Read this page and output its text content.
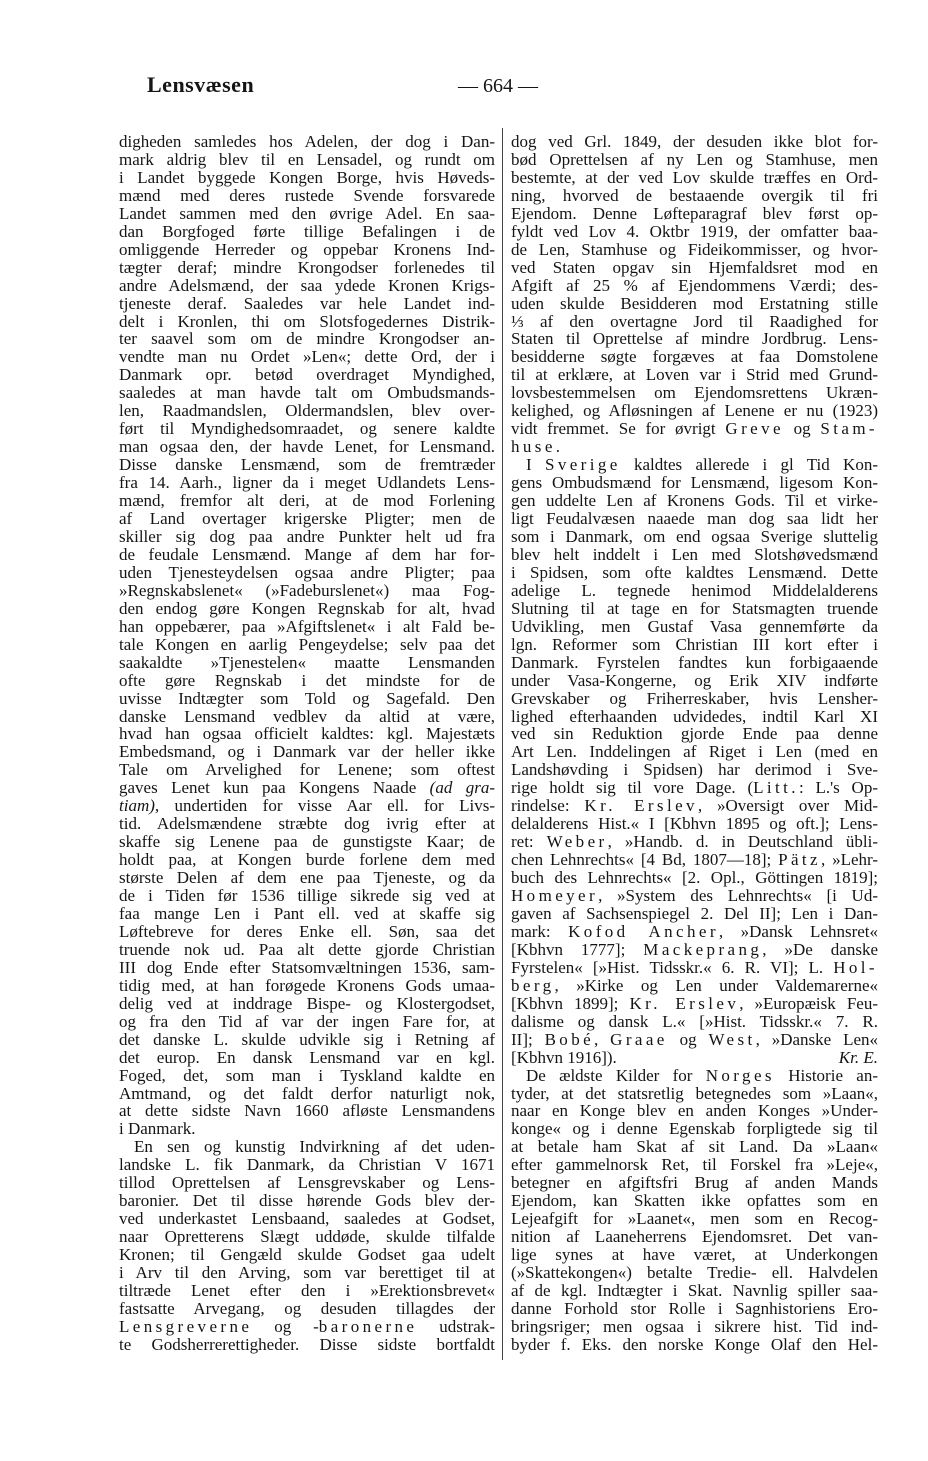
Lensvæsen	— 664 —
digheden samledes hos Adelen, der dog i Dan-
mark aldrig blev til en Lensadel, og rundt om
i Landet byggede Kongen Borge, hvis Høveds-
mænd med deres rustede Svende forsvarede
Landet sammen med den øvrige Adel. En saa-
dan Borgfoged førte tillige Befalingen i de
omliggende Herreder og oppebar Kronens Ind-
tægter deraf; mindre Krongodser forlenedes til
andre Adelsmænd, der saa ydede Kronen Krigs-
tjeneste deraf. Saaledes var hele Landet ind-
delt i Kronlen, thi om Slotsfogedernes Distrik-
ter saavel som om de mindre Krongodser an-
vendte man nu Ordet »Len«; dette Ord, der i
Danmark opr. betød overdraget Myndighed,
saaledes at man havde talt om Ombudsmands-
len, Raadmandslen, Oldermandslen, blev over-
ført til Myndighedsomraadet, og senere kaldte
man ogsaa den, der havde Lenet, for Lensmand.
Disse danske Lensmænd, som de fremtræder
fra 14. Aarh., ligner da i meget Udlandets Lens-
mænd, fremfor alt deri, at de mod Forlening
af Land overtager krigerske Pligter; men de
skiller sig dog paa andre Punkter helt ud fra
de feudale Lensmænd. Mange af dem har for-
uden Tjenesteydelsen ogsaa andre Pligter; paa
»Regnskabslenet« (»Fadeburslenet«) maa Fog-
den endog gøre Kongen Regnskab for alt, hvad
han oppebærer, paa »Afgiftslenet« i alt Fald be-
tale Kongen en aarlig Pengeydelse; selv paa det
saakaldte »Tjenestelen« maatte Lensmanden
ofte gøre Regnskab i det mindste for de
uvisse Indtægter som Told og Sagefald. Den
danske Lensmand vedblev da altid at være,
hvad han ogsaa officielt kaldtes: kgl. Majestæts
Embedsmand, og i Danmark var der heller ikke
Tale om Arvelighed for Lenene; som oftest
gaves Lenet kun paa Kongens Naade (ad gra-
tiam), undertiden for visse Aar ell. for Livs-
tid. Adelsmændene stræbte dog ivrig efter at
skaffe sig Lenene paa de gunstigste Kaar; de
holdt paa, at Kongen burde forlene dem med
største Delen af dem ene paa Tjeneste, og da
de i Tiden før 1536 tillige sikrede sig ved at
faa mange Len i Pant ell. ved at skaffe sig
Løftebreve for deres Enke ell. Søn, saa det
truende nok ud. Paa alt dette gjorde Christian
III dog Ende efter Statsomvæltningen 1536, sam-
tidig med, at han forøgede Kronens Gods umaa-
delig ved at inddrage Bispe- og Klostergodset,
og fra den Tid af var der ingen Fare for, at
det danske L. skulde udvikle sig i Retning af
det europ. En dansk Lensmand var en kgl.
Foged, det, som man i Tyskland kaldte en
Amtmand, og det faldt derfor naturligt nok,
at dette sidste Navn 1660 afløste Lensmandens
i Danmark.
En sen og kunstig Indvirkning af det uden-
landske L. fik Danmark, da Christian V 1671
tillod Oprettelsen af Lensgrevskaber og Lens-
baronier. Det til disse hørende Gods blev der-
ved underkastet Lensbaand, saaledes at Godset,
naar Opretterens Slægt uddøde, skulde tilfalde
Kronen; til Gengæld skulde Godset gaa udelt
i Arv til den Arving, som var berettiget til at
tiltræde Lenet efter den i »Erektionsbrevet«
fastsatte Arvegang, og desuden tillagdes der
Lensgreverne og -baronerne udstrak-
te Godsherrerettigheder. Disse sidste bortfaldt
dog ved Grl. 1849, der desuden ikke blot for-
bød Oprettelsen af ny Len og Stamhuse, men
bestemte, at der ved Lov skulde træffes en Ord-
ning, hvorved de bestaaende overgik til fri
Ejendom. Denne Løfteparagraf blev først op-
fyldt ved Lov 4. Oktbr 1919, der omfatter baa-
de Len, Stamhuse og Fideikommisser, og hvor-
ved Staten opgav sin Hjemfaldsret mod en
Afgift af 25 % af Ejendommens Værdi; des-
uden skulde Besidderen mod Erstatning stille
⅓ af den overtagne Jord til Raadighed for
Staten til Oprettelse af mindre Jordbrug. Lens-
besidderne søgte forgæves at faa Domstolene
til at erklære, at Loven var i Strid med Grund-
lovsbestemmelsen om Ejendomsrettens Ukræn-
kelighed, og Afløsningen af Lenene er nu (1923)
vidt fremmet. Se for øvrigt Greve og Stam-
huse.
I Sverige kaldtes allerede i gl Tid Kon-
gens Ombudsmænd for Lensmænd, ligesom Kon-
gen uddelte Len af Kronens Gods. Til et virke-
ligt Feudalvæsen naaede man dog saa lidt her
som i Danmark, om end ogsaa Sverige sluttelig
blev helt inddelt i Len med Slotshøvedsmænd
i Spidsen, som ofte kaldtes Lensmænd. Dette
adelige L. tegnede henimod Middelalderens
Slutning til at tage en for Statsmagten truende
Udvikling, men Gustaf Vasa gennemførte da
lgn. Reformer som Christian III kort efter i
Danmark. Fyrstelen fandtes kun forbigaaende
under Vasa-Kongerne, og Erik XIV indførte
Grevskaber og Friherreskaber, hvis Lensher-
lighed efterhaanden udvidedes, indtil Karl XI
ved sin Reduktion gjorde Ende paa denne
Art Len. Inddelingen af Riget i Len (med en
Landshøvding i Spidsen) har derimod i Sve-
rige holdt sig til vore Dage. (Litt.: L.'s Op-
rindelse: Kr. Erslev, »Oversigt over Mid-
delalderens Hist.« I [Kbhvn 1895 og oft.]; Lens-
ret: Weber, »Handb. d. in Deutschland übli-
chen Lehnrechts« [4 Bd, 1807—18]; Pätz, »Lehr-
buch des Lehnrechts« [2. Opl., Göttingen 1819];
Homeyer, »System des Lehnrechts« [i Ud-
gaven af Sachsenspiegel 2. Del II]; Len i Dan-
mark: Kofod Ancher, »Dansk Lehnsret«
[Kbhvn 1777]; Mackeprang, »De danske
Fyrstelen« [»Hist. Tidsskr.« 6. R. VI]; L. Hol-
berg, »Kirke og Len under Valdemarerne«
[Kbhvn 1899]; Kr. Erslev, »Europæisk Feu-
dalisme og dansk L.« [»Hist. Tidsskr.« 7. R.
II]; Bobé, Graae og West, »Danske Len«
Kr. E.
[Kbhvn 1916]).
De ældste Kilder for Norges Historie an-
tyder, at det statsretlig betegnedes som »Laan«,
naar en Konge blev en anden Konges »Under-
konge« og i denne Egenskab forpligtede sig til
at betale ham Skat af sit Land. Da »Laan«
efter gammelnorsk Ret, til Forskel fra »Leje«,
betegner en afgiftsfri Brug af anden Mands
Ejendom, kan Skatten ikke opfattes som en
Lejeafgift for »Laanet«, men som en Recog-
nition af Laaneherrens Ejendomsret. Det van-
lige synes at have været, at Underkongen
(»Skattekongen«) betalte Tredie- ell. Halvdelen
af de kgl. Indtægter i Skat. Navnlig spiller saa-
danne Forhold stor Rolle i Sagnhistoriens Ero-
bringsriger; men ogsaa i sikrere hist. Tid ind-
byder f. Eks. den norske Konge Olaf den Hel-
